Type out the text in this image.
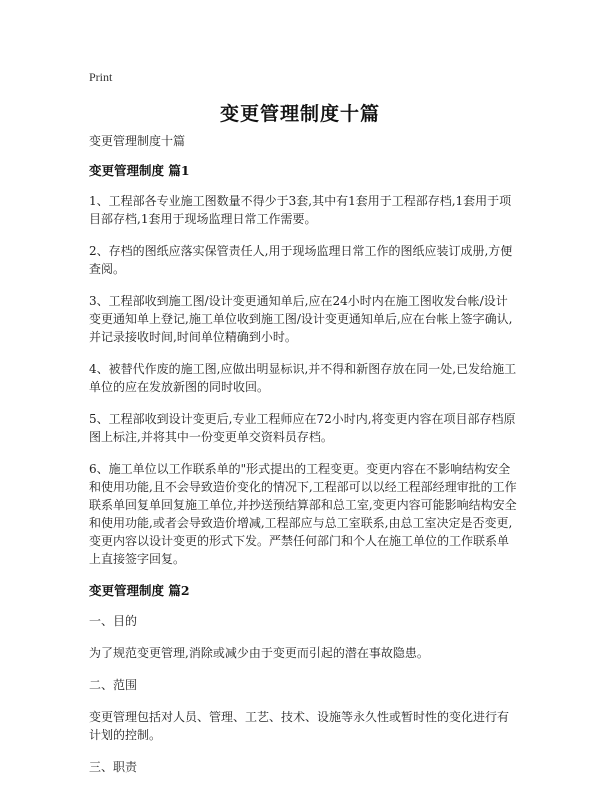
Print
变更管理制度十篇

变更管理制度十篇

变更管理制度 篇1

1、工程部各专业施工图数量不得少于3套,其中有1套用于工程部存档,1套用于项目部存档,1套用于现场监理日常工作需要。

2、存档的图纸应落实保管责任人,用于现场监理日常工作的图纸应装订成册,方便查阅。

3、工程部收到施工图/设计变更通知单后,应在24小时内在施工图收发台帐/设计变更通知单上登记,施工单位收到施工图/设计变更通知单后,应在台帐上签字确认,并记录接收时间,时间单位精确到小时。

4、被替代作废的施工图,应做出明显标识,并不得和新图存放在同一处,已发给施工单位的应在发放新图的同时收回。

5、工程部收到设计变更后,专业工程师应在72小时内,将变更内容在项目部存档原图上标注,并将其中一份变更单交资料员存档。

6、施工单位以工作联系单的"形式提出的工程变更。变更内容在不影响结构安全和使用功能,且不会导致造价变化的情况下,工程部可以以经工程部经理审批的工作联系单回复单回复施工单位,并抄送预结算部和总工室,变更内容可能影响结构安全和使用功能,或者会导致造价增减,工程部应与总工室联系,由总工室决定是否变更,变更内容以设计变更的形式下发。严禁任何部门和个人在施工单位的工作联系单上直接签字回复。

变更管理制度 篇2

一、目的

为了规范变更管理,消除或减少由于变更而引起的潜在事故隐患。

二、范围

变更管理包括对人员、管理、工艺、技术、设施等永久性或暂时性的变化进行有计划的控制。

三、职责
